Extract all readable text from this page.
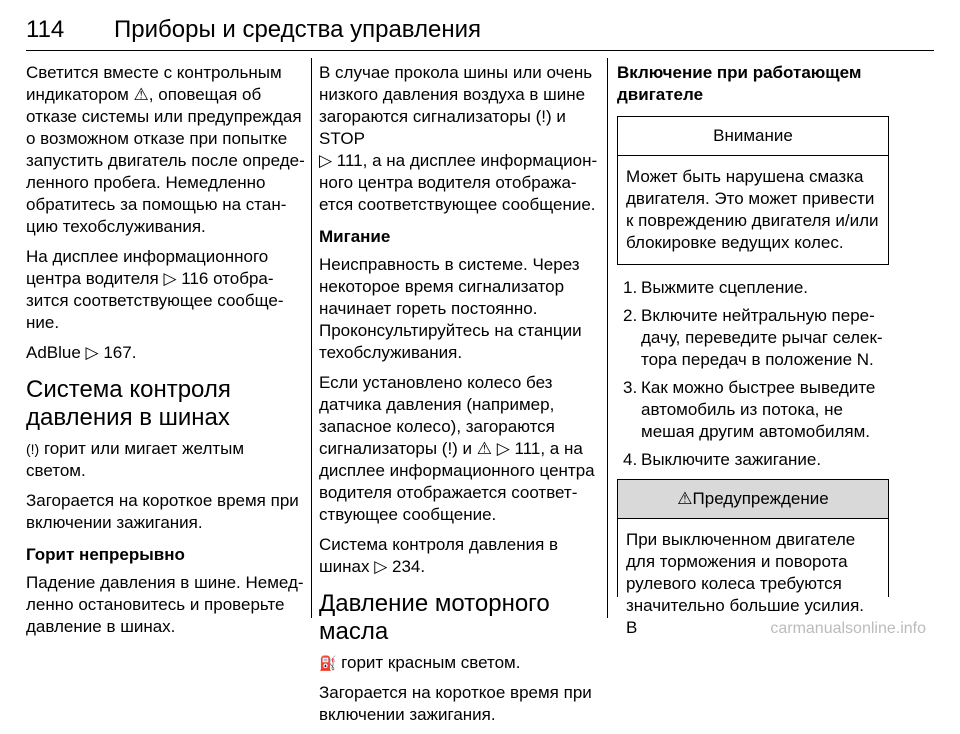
114 Приборы и средства управления

Светится вместе с контрольным
индикатором ⚠, оповещая об
отказе системы или предупреждая
о возможном отказе при попытке
запустить двигатель после опреде-
ленного пробега. Немедленно
обратитесь за помощью на стан-
цию техобслуживания.

На дисплее информационного
центра водителя ▷ 116 отобра-
зится соответствующее сообще-
ние.

AdBlue ▷ 167.

Система контроля
давления в шинах

(!) горит или мигает желтым
светом.

Загорается на короткое время при
включении зажигания.

Горит непрерывно

Падение давления в шине. Немед-
ленно остановитесь и проверьте
давление в шинах.

В случае прокола шины или очень
низкого давления воздуха в шине
загораются сигнализаторы (!) и STOP
▷ 111, а на дисплее информацион-
ного центра водителя отобража-
ется соответствующее сообщение.

Мигание

Неисправность в системе. Через
некоторое время сигнализатор
начинает гореть постоянно.
Проконсультируйтесь на станции
техобслуживания.

Если установлено колесо без
датчика давления (например,
запасное колесо), загораются
сигнализаторы (!) и ⚠ ▷ 111, а на
дисплее информационного центра
водителя отображается соответ-
ствующее сообщение.

Система контроля давления в
шинах ▷ 234.

Давление моторного
масла

⛽ горит красным светом.

Загорается на короткое время при
включении зажигания.

Включение при работающем
двигателе
Внимание
Может быть нарушена смазка
двигателя. Это может привести
к повреждению двигателя и/или
блокировке ведущих колес.
1. Выжмите сцепление.
2. Включите нейтральную пере-
дачу, переведите рычаг селек-
тора передач в положение N.
3. Как можно быстрее выведите
автомобиль из потока, не
мешая другим автомобилям.
4. Выключите зажигание.
⚠Предупреждение
При выключенном двигателе
для торможения и поворота
рулевого колеса требуются
значительно большие усилия. В	carmanualsonline.info
